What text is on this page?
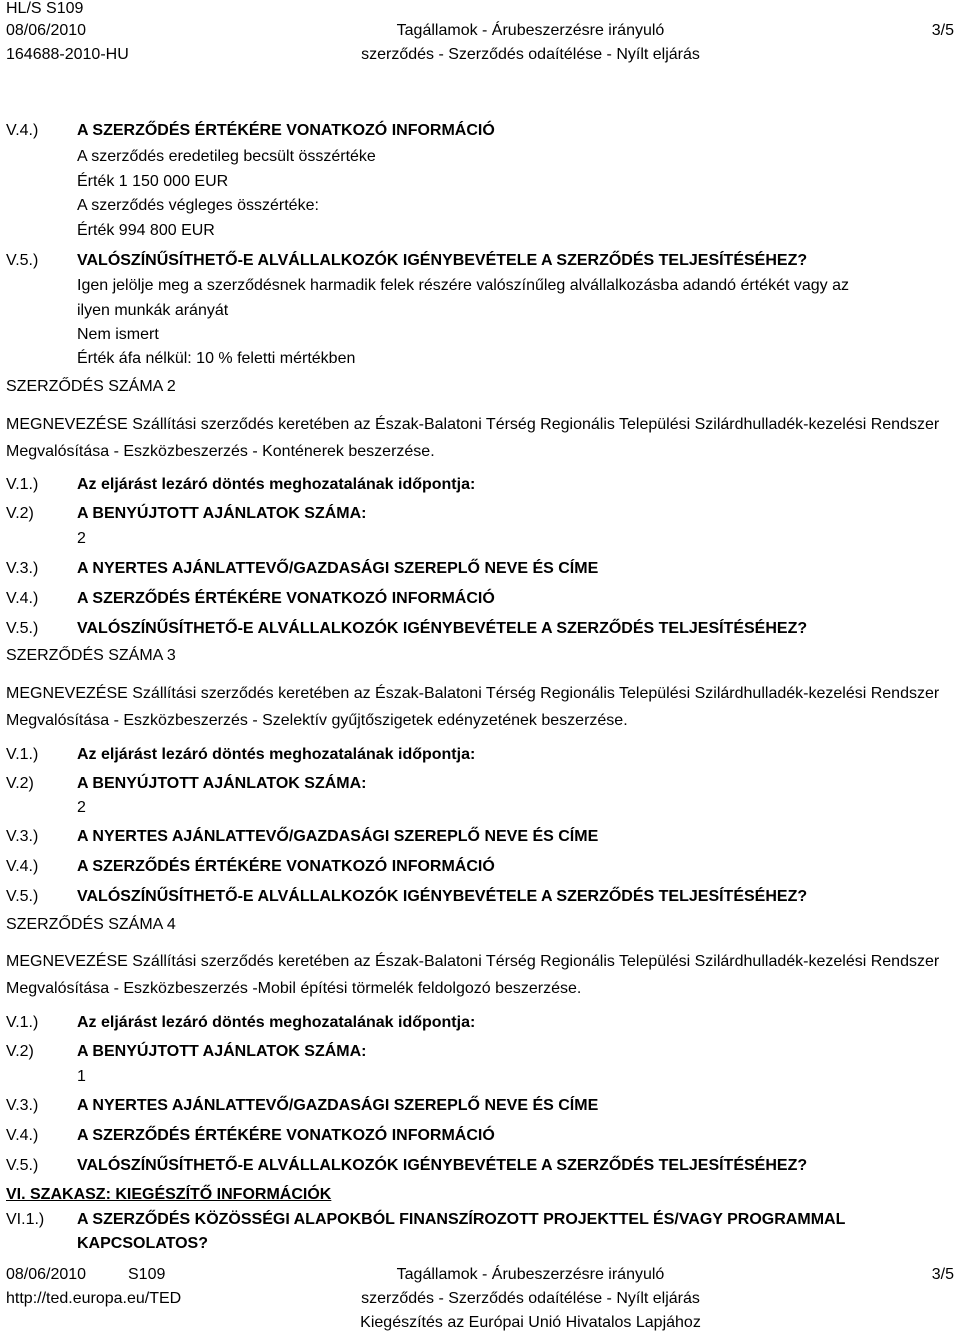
HL/S S109
08/06/2010
164688-2010-HU
Tagállamok - Árubeszerzésre irányuló
szerződés - Szerződés odaítélése - Nyílt eljárás
3/5
V.4.) A SZERZŐDÉS ÉRTÉKÉRE VONATKOZÓ INFORMÁCIÓ
A szerződés eredetileg becsült összértéke
Érték 1 150 000 EUR
A szerződés végleges összértéke:
Érték 994 800 EUR
V.5.) VALÓSZÍNŰSÍTHETŐ-E ALVÁLLALKOZÓK IGÉNYBEVÉTELE A SZERZŐDÉS TELJESÍTÉSÉHEZ?
Igen jelölje meg a szerződésnek harmadik felek részére valószínűleg alvállalkozásba adandó értékét vagy az
ilyen munkák arányát
Nem ismert
Érték áfa nélkül: 10 % feletti mértékben
SZERZŐDÉS SZÁMA 2
MEGNEVEZÉSE Szállítási szerződés keretében az Észak-Balatoni Térség Regionális Települési Szilárdhulladék-kezelési Rendszer Megvalósítása - Eszközbeszerzés - Konténerek beszerzése.
V.1.) Az eljárást lezáró döntés meghozatalának időpontja:
V.2)	A BENYÚJTOTT AJÁNLATOK SZÁMA:
2
V.3.) A NYERTES AJÁNLATTEVŐ/GAZDASÁGI SZEREPLŐ NEVE ÉS CÍME
V.4.) A SZERZŐDÉS ÉRTÉKÉRE VONATKOZÓ INFORMÁCIÓ
V.5.) VALÓSZÍNŰSÍTHETŐ-E ALVÁLLALKOZÓK IGÉNYBEVÉTELE A SZERZŐDÉS TELJESÍTÉSÉHEZ?
SZERZŐDÉS SZÁMA 3
MEGNEVEZÉSE Szállítási szerződés keretében az Észak-Balatoni Térség Regionális Települési Szilárdhulladék-kezelési Rendszer Megvalósítása - Eszközbeszerzés - Szelektív gyűjtőszigetek edényzetének beszerzése.
V.1.) Az eljárást lezáró döntés meghozatalának időpontja:
V.2)	A BENYÚJTOTT AJÁNLATOK SZÁMA:
2
V.3.) A NYERTES AJÁNLATTEVŐ/GAZDASÁGI SZEREPLŐ NEVE ÉS CÍME
V.4.) A SZERZŐDÉS ÉRTÉKÉRE VONATKOZÓ INFORMÁCIÓ
V.5.) VALÓSZÍNŰSÍTHETŐ-E ALVÁLLALKOZÓK IGÉNYBEVÉTELE A SZERZŐDÉS TELJESÍTÉSÉHEZ?
SZERZŐDÉS SZÁMA 4
MEGNEVEZÉSE Szállítási szerződés keretében az Észak-Balatoni Térség Regionális Települési Szilárdhulladék-kezelési Rendszer Megvalósítása - Eszközbeszerzés -Mobil építési törmelék feldolgozó beszerzése.
V.1.) Az eljárást lezáró döntés meghozatalának időpontja:
V.2)	A BENYÚJTOTT AJÁNLATOK SZÁMA:
1
V.3.) A NYERTES AJÁNLATTEVŐ/GAZDASÁGI SZEREPLŐ NEVE ÉS CÍME
V.4.) A SZERZŐDÉS ÉRTÉKÉRE VONATKOZÓ INFORMÁCIÓ
V.5.) VALÓSZÍNŰSÍTHETŐ-E ALVÁLLALKOZÓK IGÉNYBEVÉTELE A SZERZŐDÉS TELJESÍTÉSÉHEZ?
VI. SZAKASZ: KIEGÉSZÍTŐ INFORMÁCIÓK
VI.1.) A SZERZŐDÉS KÖZÖSSÉGI ALAPOKBÓL FINANSZÍROZOTT PROJEKTTEL ÉS/VAGY PROGRAMMAL
KAPCSOLATOS?
08/06/2010	S109
http://ted.europa.eu/TED
Tagállamok - Árubeszerzésre irányuló
szerződés - Szerződés odaítélése - Nyílt eljárás
Kiegészítés az Európai Unió Hivatalos Lapjához
3/5
